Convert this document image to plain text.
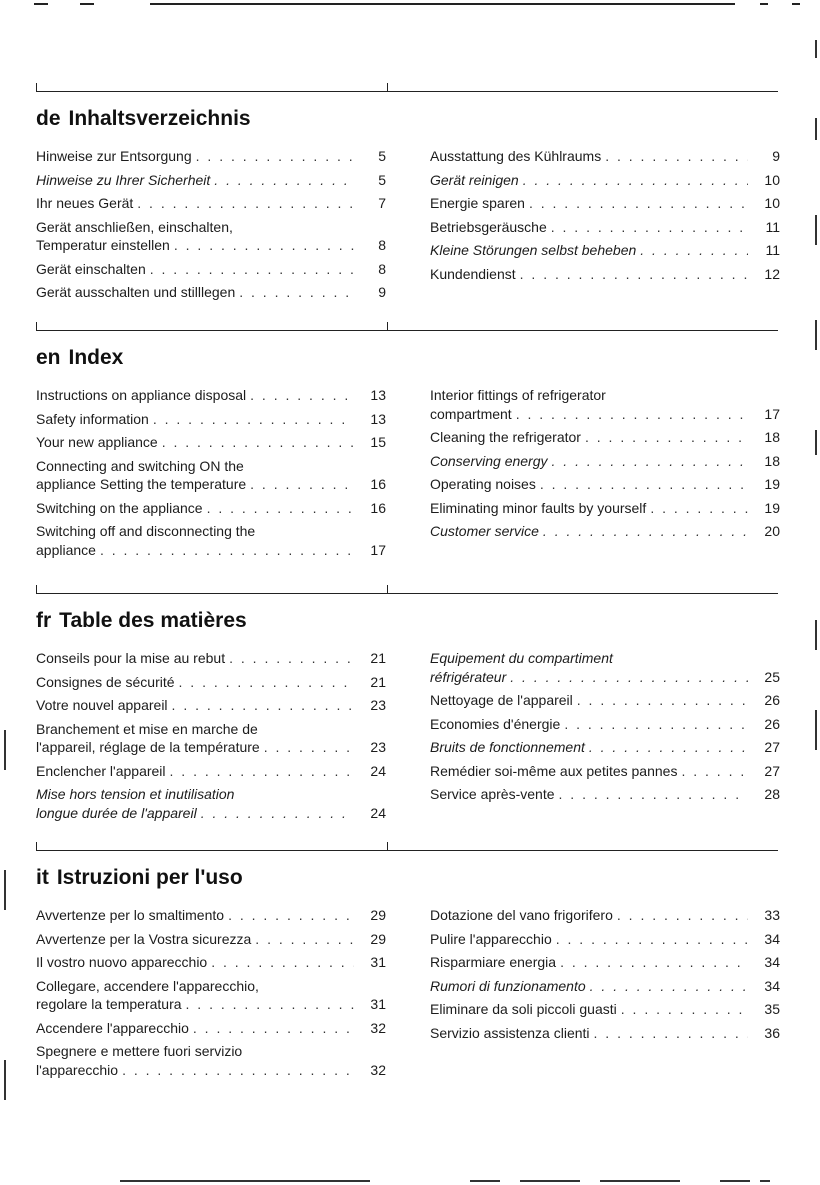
de Inhaltsverzeichnis
Hinweise zur Entsorgung . . .	5
Hinweise zu Ihrer Sicherheit . . .	5
Ihr neues Gerät . . .	7
Gerät anschließen, einschalten,
Temperatur einstellen . . .	8
Gerät einschalten . . .	8
Gerät ausschalten und stilllegen . . .	9
Ausstattung des Kühlraums . . .	9
Gerät reinigen . . .	10
Energie sparen . . .	10
Betriebsgeräusche . . .	11
Kleine Störungen selbst beheben . . .	11
Kundendienst . . .	12
en Index
Instructions on appliance disposal . . .	13
Safety information . . .	13
Your new appliance . . .	15
Connecting and switching ON the
appliance Setting the temperature . . .	16
Switching on the appliance . . .	16
Switching off and disconnecting the
appliance . . .	17
Interior fittings of refrigerator
compartment . . .	17
Cleaning the refrigerator . . .	18
Conserving energy . . .	18
Operating noises . . .	19
Eliminating minor faults by yourself . . .	19
Customer service . . .	20
fr Table des matières
Conseils pour la mise au rebut . . .	21
Consignes de sécurité . . .	21
Votre nouvel appareil . . .	23
Branchement et mise en marche de
l'appareil, réglage de la température . . .	23
Enclencher l'appareil . . .	24
Mise hors tension et inutilisation
longue durée de l'appareil . . .	24
Equipement du compartiment
réfrigérateur . . .	25
Nettoyage de l'appareil . . .	26
Economies d'énergie . . .	26
Bruits de fonctionnement . . .	27
Remédier soi-même aux petites pannes . . .	27
Service après-vente . . .	28
it Istruzioni per l'uso
Avvertenze per lo smaltimento . . .	29
Avvertenze per la Vostra sicurezza . . .	29
Il vostro nuovo apparecchio . . .	31
Collegare, accendere l'apparecchio,
regolare la temperatura . . .	31
Accendere l'apparecchio . . .	32
Spegnere e mettere fuori servizio
l'apparecchio . . .	32
Dotazione del vano frigorifero . . .	33
Pulire l'apparecchio . . .	34
Risparmiare energia . . .	34
Rumori di funzionamento . . .	34
Eliminare da soli piccoli guasti . . .	35
Servizio assistenza clienti . . .	36
